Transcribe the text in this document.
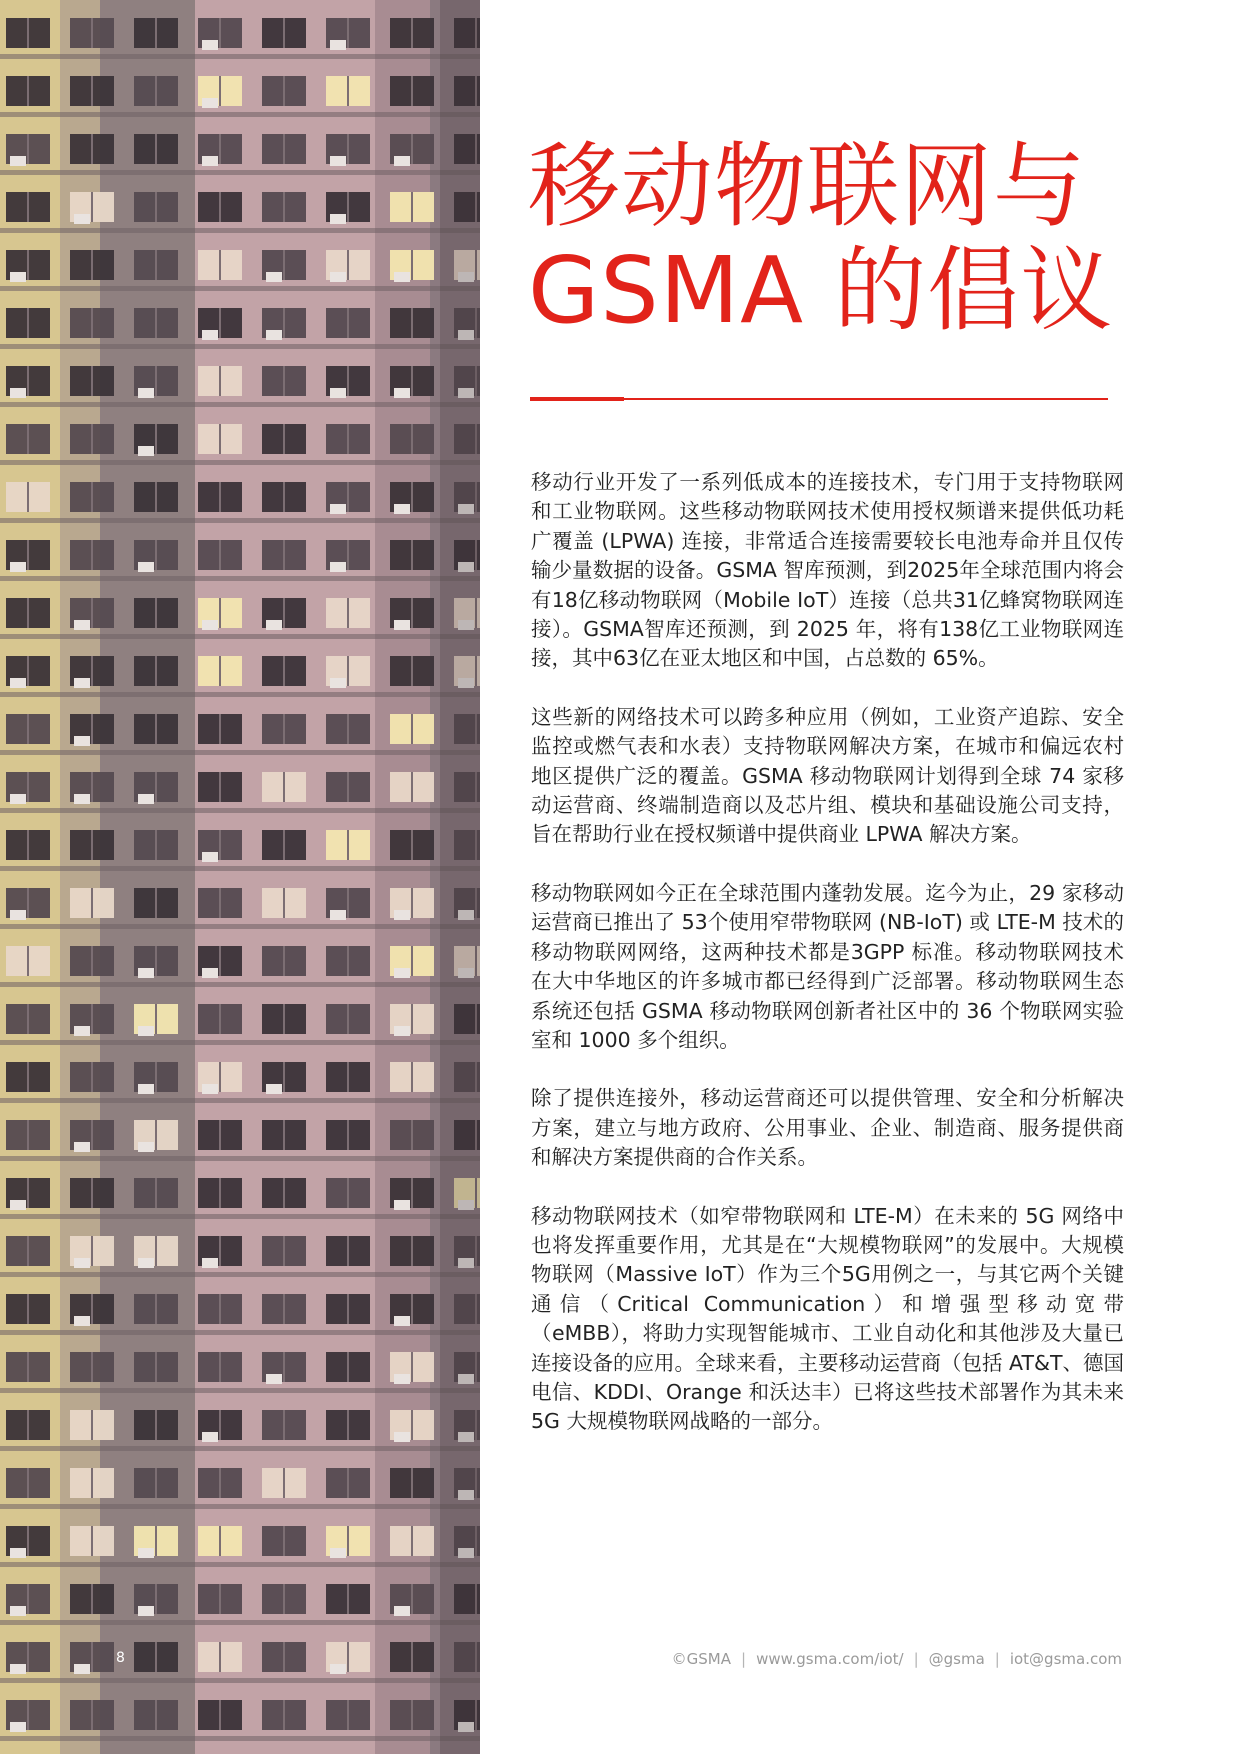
8
移动物联网与
GSMA 的倡议

移动行业开发了一系列低成本的连接技术，专门用于支持物联网和工业物联网。这些移动物联网技术使用授权频谱来提供低功耗广覆盖 (LPWA) 连接，非常适合连接需要较长电池寿命并且仅传输少量数据的设备。GSMA 智库预测，到2025年全球范围内将会有18亿移动物联网（Mobile IoT）连接（总共31亿蜂窝物联网连接）。GSMA智库还预测，到 2025 年，将有138亿工业物联网连接，其中63亿在亚太地区和中国，占总数的 65%。

这些新的网络技术可以跨多种应用（例如，工业资产追踪、安全监控或燃气表和水表）支持物联网解决方案，在城市和偏远农村地区提供广泛的覆盖。GSMA 移动物联网计划得到全球 74 家移动运营商、终端制造商以及芯片组、模块和基础设施公司支持，旨在帮助行业在授权频谱中提供商业 LPWA 解决方案。

移动物联网如今正在全球范围内蓬勃发展。迄今为止，29 家移动运营商已推出了 53个使用窄带物联网 (NB-IoT) 或 LTE-M 技术的移动物联网网络，这两种技术都是3GPP 标准。移动物联网技术在大中华地区的许多城市都已经得到广泛部署。移动物联网生态系统还包括 GSMA 移动物联网创新者社区中的 36 个物联网实验室和 1000 多个组织。

除了提供连接外，移动运营商还可以提供管理、安全和分析解决方案，建立与地方政府、公用事业、企业、制造商、服务提供商和解决方案提供商的合作关系。

移动物联网技术（如窄带物联网和 LTE-M）在未来的 5G 网络中也将发挥重要作用，尤其是在“大规模物联网”的发展中。大规模物联网（Massive IoT）作为三个5G用例之一，与其它两个关键通信（Critical Communication）和增强型移动宽带（eMBB），将助力实现智能城市、工业自动化和其他涉及大量已连接设备的应用。全球来看，主要移动运营商（包括 AT&T、德国电信、KDDI、Orange 和沃达丰）已将这些技术部署作为其未来 5G 大规模物联网战略的一部分。

©GSMA | www.gsma.com/iot/ | @gsma | iot@gsma.com
